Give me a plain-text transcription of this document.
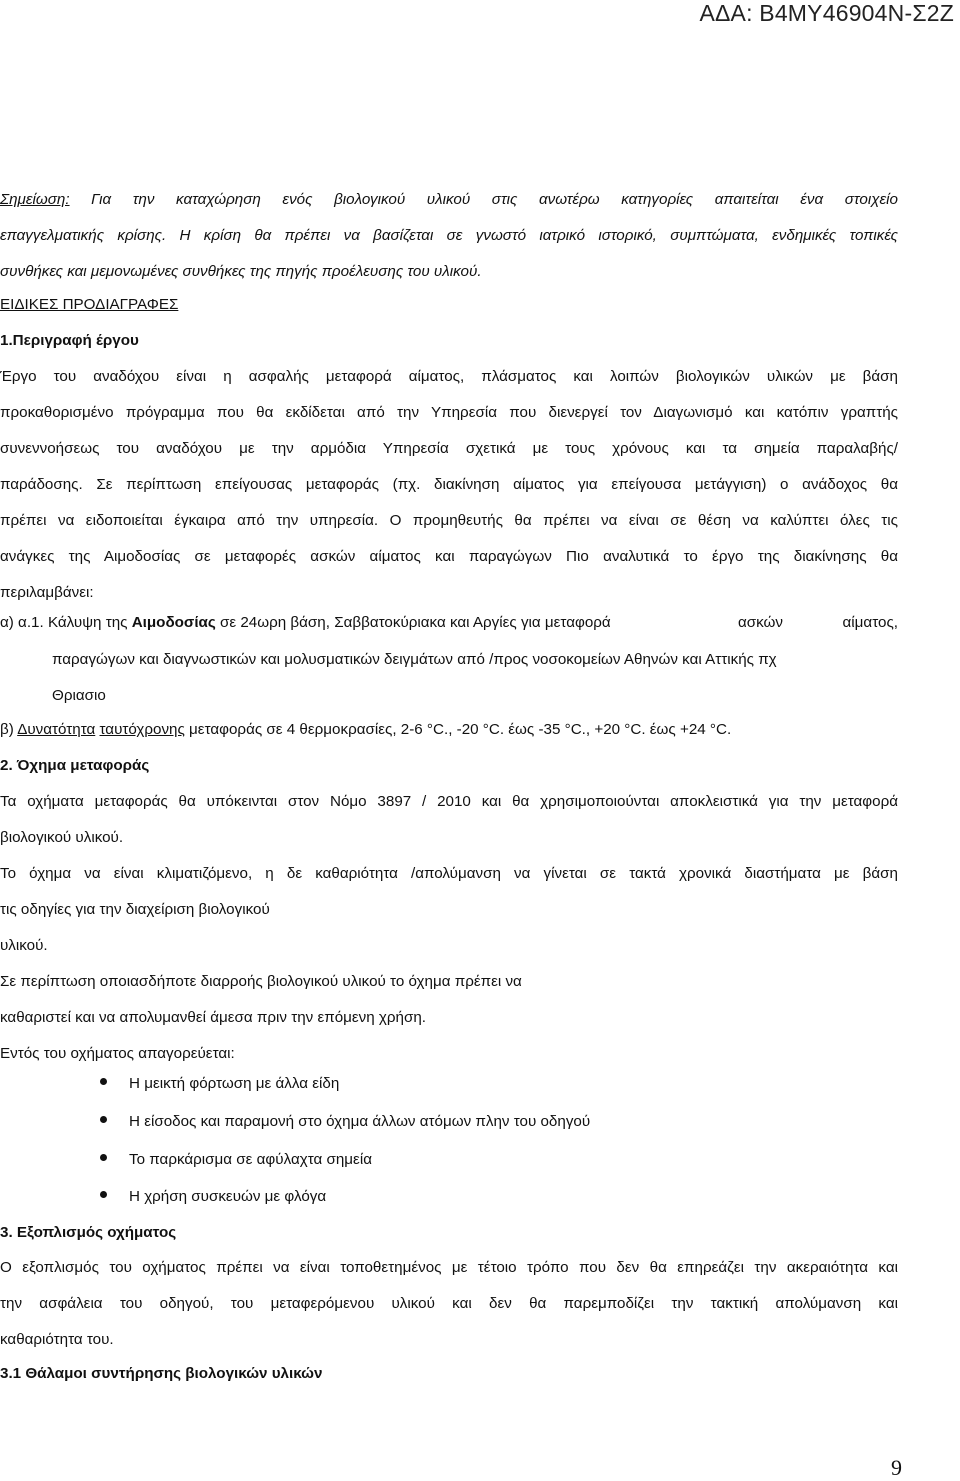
ΑΔΑ: Β4ΜΥ46904Ν-Σ2Ζ
Σημείωση: Για την καταχώρηση ενός βιολογικού υλικού στις ανωτέρω κατηγορίες απαιτείται ένα στοιχείο
επαγγελματικής κρίσης. Η κρίση θα πρέπει να βασίζεται σε γνωστό ιατρικό ιστορικό, συμπτώματα, ενδημικές τοπικές
συνθήκες και μεμονωμένες συνθήκες της πηγής προέλευσης του υλικού.
ΕΙΔΙΚΕΣ ΠΡΟΔΙΑΓΡΑΦΕΣ
1.Περιγραφή έργου
Έργο του αναδόχου είναι η ασφαλής μεταφορά αίματος, πλάσματος και λοιπών βιολογικών υλικών με βάση
προκαθορισμένο πρόγραμμα που θα εκδίδεται από την Υπηρεσία που διενεργεί τον Διαγωνισμό και κατόπιν γραπτής
συνεννοήσεως του αναδόχου με την αρμόδια Υπηρεσία σχετικά με τους χρόνους και τα σημεία παραλαβής/
παράδοσης. Σε περίπτωση επείγουσας μεταφοράς (πχ. διακίνηση αίματος για επείγουσα μετάγγιση) ο ανάδοχος θα
πρέπει να ειδοποιείται έγκαιρα από την υπηρεσία. Ο προμηθευτής θα πρέπει να είναι σε θέση να καλύπτει όλες τις
ανάγκες της Αιμοδοσίας σε μεταφορές ασκών αίματος και παραγώγων Πιο αναλυτικά το έργο της διακίνησης θα
περιλαμβάνει:
α) α.1. Κάλυψη της Αιμοδοσίας σε 24ωρη βάση, Σαββατοκύριακα και Αργίες για μεταφορά	ασκών	αίματος,
παραγώγων και διαγνωστικών και μολυσματικών δειγμάτων από /προς νοσοκομείων Αθηνών και Αττικής πχ
Θριασιο
β) Δυνατότητα ταυτόχρονης μεταφοράς σε 4 θερμοκρασίες, 2-6 °C., -20 °C. έως -35 °C., +20 °C. έως +24 °C.
2. Όχημα μεταφοράς
Τα οχήματα μεταφοράς θα υπόκεινται στον Νόμο 3897 / 2010 και θα χρησιμοποιούνται αποκλειστικά για την μεταφορά
βιολογικού υλικού.
Το όχημα να είναι κλιματιζόμενο, η δε καθαριότητα /απολύμανση να γίνεται σε τακτά χρονικά διαστήματα με βάση
τις οδηγίες για την διαχείριση βιολογικού
υλικού.
Σε περίπτωση οποιασδήποτε διαρροής βιολογικού υλικού το όχημα πρέπει να
καθαριστεί και να απολυμανθεί άμεσα πριν την επόμενη χρήση.
Εντός του οχήματος απαγορεύεται:
Η μεικτή φόρτωση με άλλα είδη
Η είσοδος και παραμονή στο όχημα άλλων ατόμων πλην του οδηγού
Το παρκάρισμα σε αφύλαχτα σημεία
Η χρήση συσκευών με φλόγα
3. Εξοπλισμός οχήματος
Ο εξοπλισμός του οχήματος πρέπει να είναι τοποθετημένος με τέτοιο τρόπο που δεν θα επηρεάζει την ακεραιότητα και
την ασφάλεια του οδηγού, του μεταφερόμενου υλικού και δεν θα παρεμποδίζει την τακτική απολύμανση και
καθαριότητα του.
3.1 Θάλαμοι συντήρησης βιολογικών υλικών
9
